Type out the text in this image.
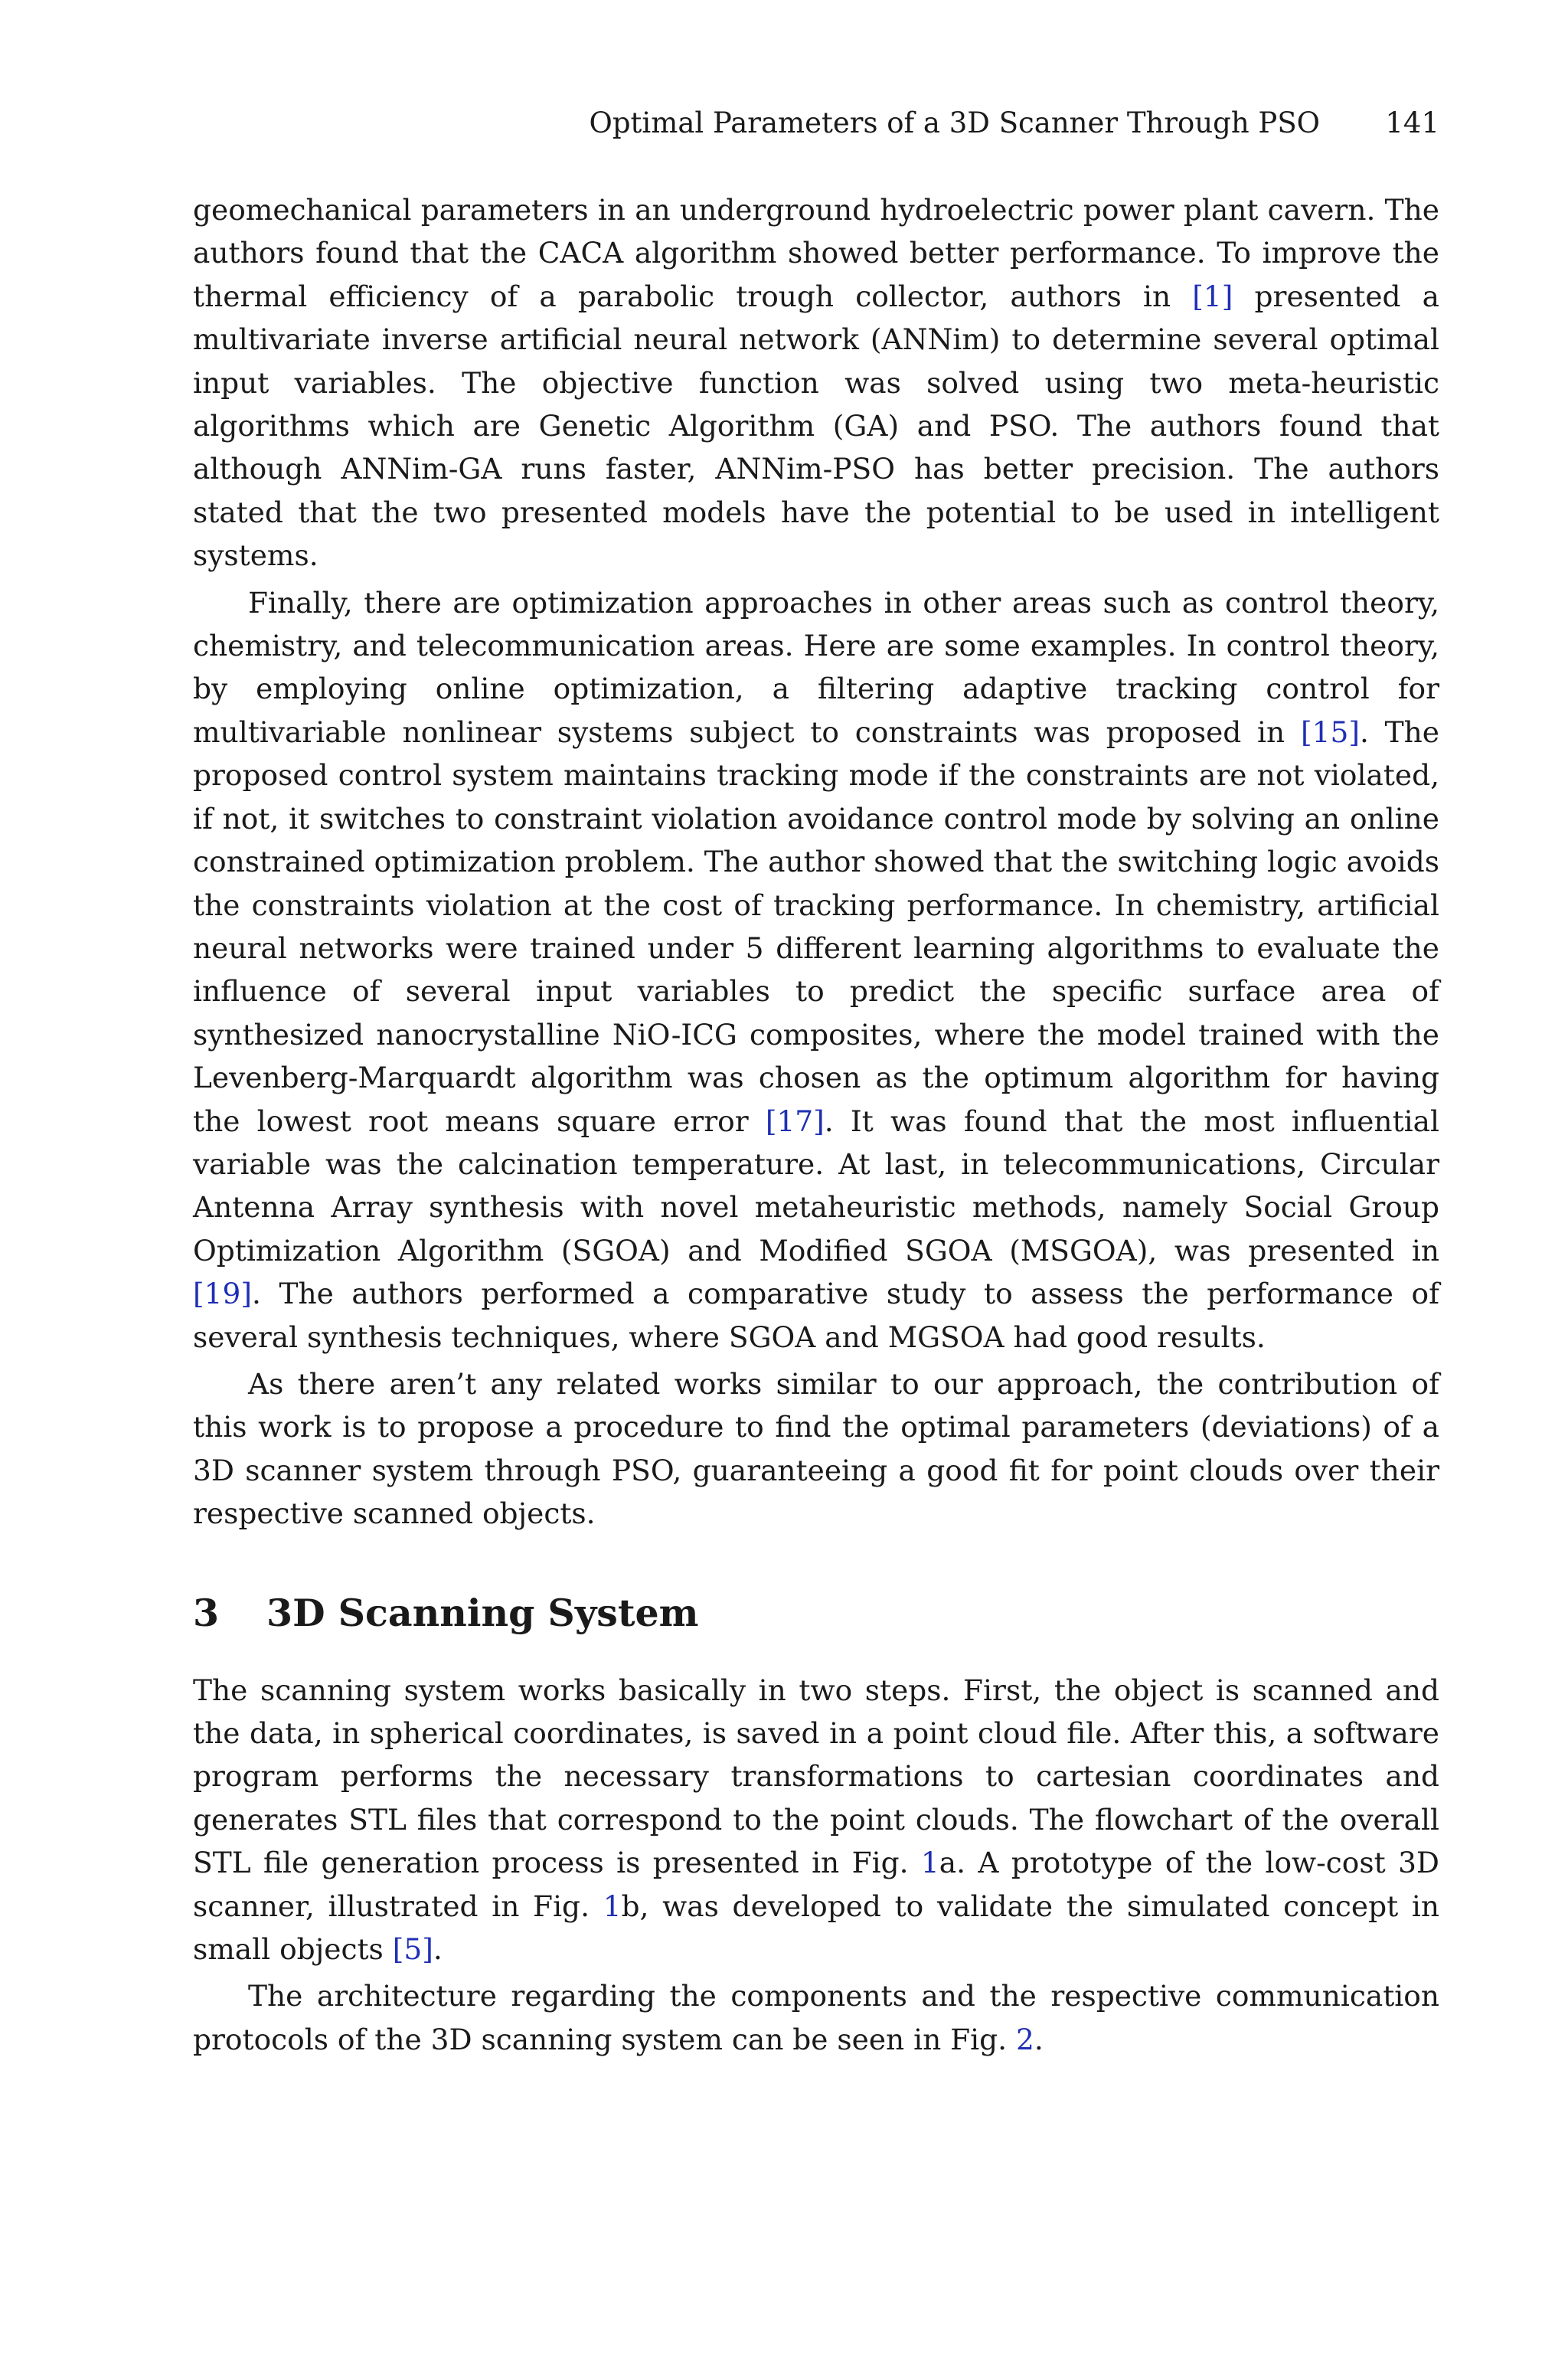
Optimal Parameters of a 3D Scanner Through PSO 141

geomechanical parameters in an underground hydroelectric power plant cavern. The authors found that the CACA algorithm showed better performance. To improve the thermal efficiency of a parabolic trough collector, authors in [1] presented a multivariate inverse artificial neural network (ANNim) to determine several optimal input variables. The objective function was solved using two meta-heuristic algorithms which are Genetic Algorithm (GA) and PSO. The authors found that although ANNim-GA runs faster, ANNim-PSO has better precision. The authors stated that the two presented models have the potential to be used in intelligent systems.

Finally, there are optimization approaches in other areas such as control theory, chemistry, and telecommunication areas. Here are some examples. In control theory, by employing online optimization, a filtering adaptive tracking control for multivariable nonlinear systems subject to constraints was proposed in [15]. The proposed control system maintains tracking mode if the constraints are not violated, if not, it switches to constraint violation avoidance control mode by solving an online constrained optimization problem. The author showed that the switching logic avoids the constraints violation at the cost of tracking performance. In chemistry, artificial neural networks were trained under 5 different learning algorithms to evaluate the influence of several input variables to predict the specific surface area of synthesized nanocrystalline NiO-ICG composites, where the model trained with the Levenberg-Marquardt algorithm was chosen as the optimum algorithm for having the lowest root means square error [17]. It was found that the most influential variable was the calcination temperature. At last, in telecommunications, Circular Antenna Array synthesis with novel metaheuristic methods, namely Social Group Optimization Algorithm (SGOA) and Modified SGOA (MSGOA), was presented in [19]. The authors performed a comparative study to assess the performance of several synthesis techniques, where SGOA and MGSOA had good results.

As there aren’t any related works similar to our approach, the contribution of this work is to propose a procedure to find the optimal parameters (deviations) of a 3D scanner system through PSO, guaranteeing a good fit for point clouds over their respective scanned objects.

3 3D Scanning System

The scanning system works basically in two steps. First, the object is scanned and the data, in spherical coordinates, is saved in a point cloud file. After this, a software program performs the necessary transformations to cartesian coordinates and generates STL files that correspond to the point clouds. The flowchart of the overall STL file generation process is presented in Fig. 1a. A prototype of the low-cost 3D scanner, illustrated in Fig. 1b, was developed to validate the simulated concept in small objects [5].

The architecture regarding the components and the respective communication protocols of the 3D scanning system can be seen in Fig. 2.
